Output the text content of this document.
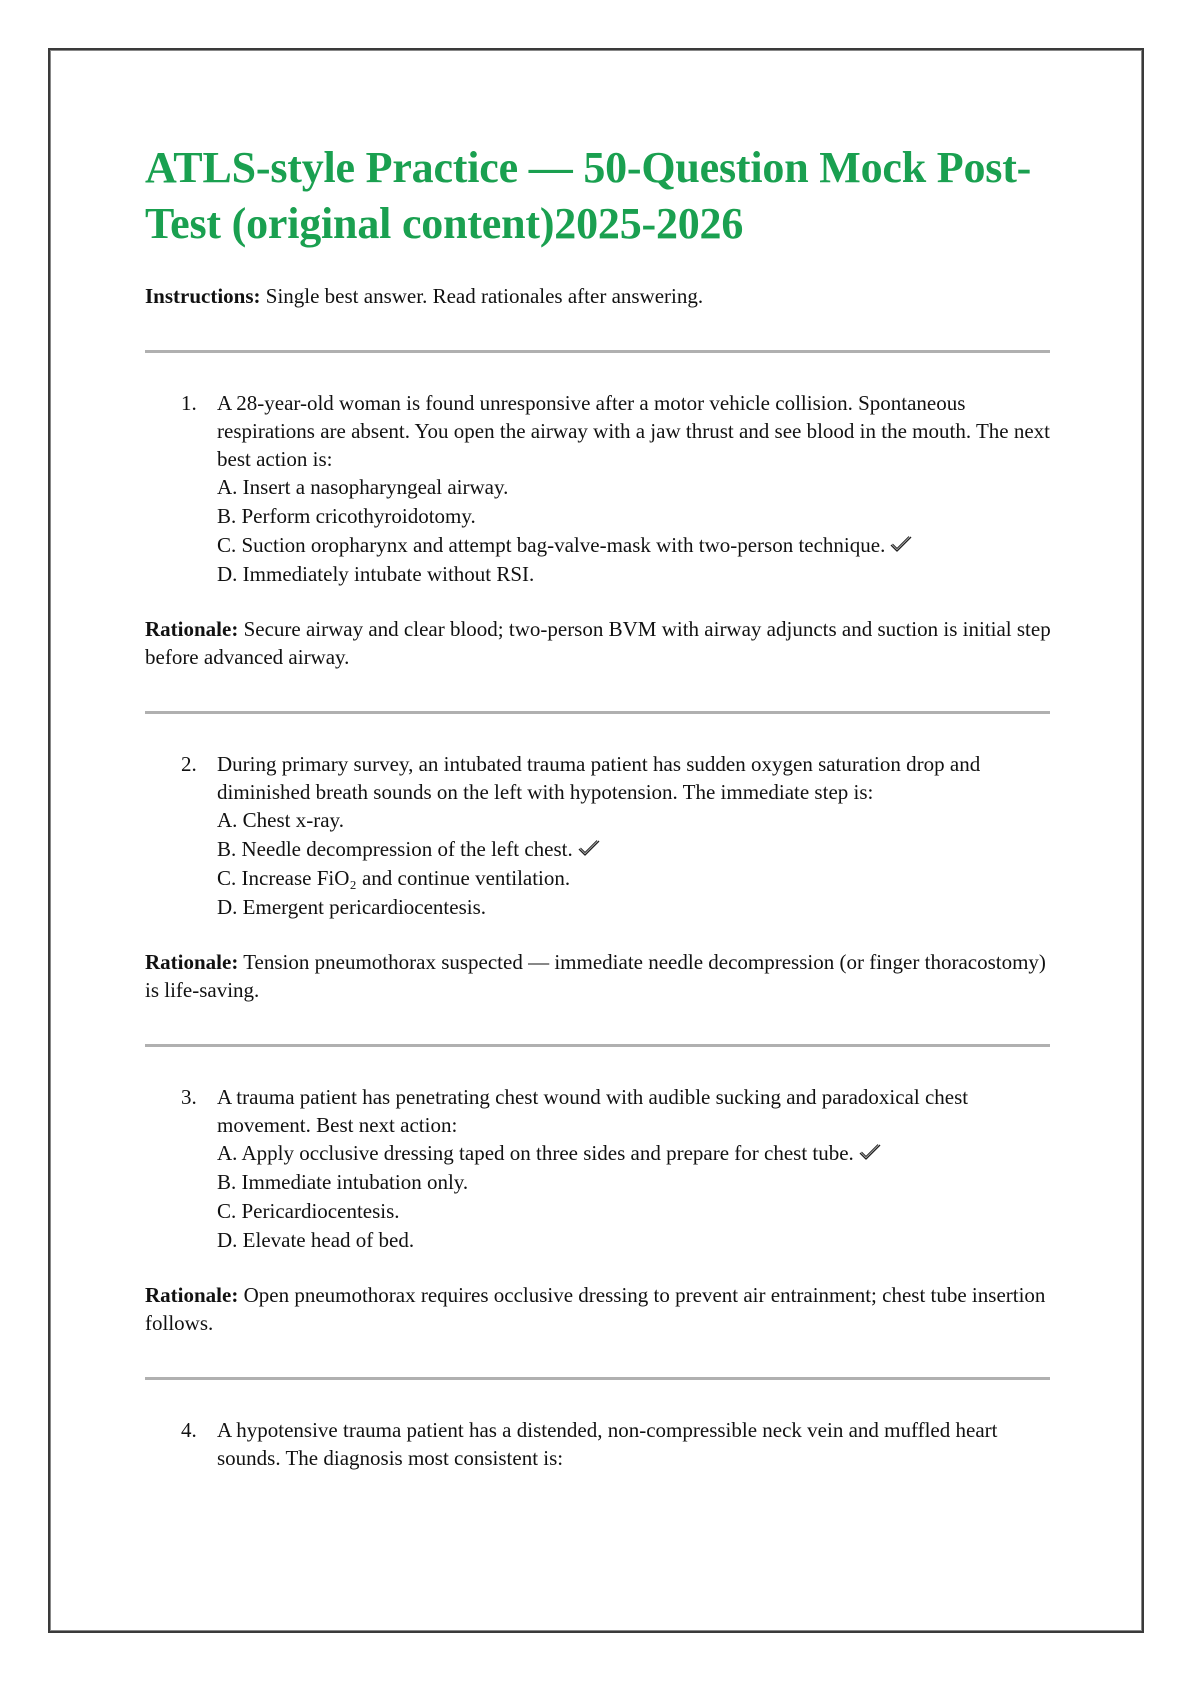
ATLS-style Practice — 50-Question Mock Post-Test (original content)2025-2026
Instructions: Single best answer. Read rationales after answering.
1. A 28-year-old woman is found unresponsive after a motor vehicle collision. Spontaneous respirations are absent. You open the airway with a jaw thrust and see blood in the mouth. The next best action is:

A. Insert a nasopharyngeal airway.
B. Perform cricothyroidotomy.
C. Suction oropharynx and attempt bag-valve-mask with two-person technique.
D. Immediately intubate without RSI.
Rationale: Secure airway and clear blood; two-person BVM with airway adjuncts and suction is initial step before advanced airway.
2. During primary survey, an intubated trauma patient has sudden oxygen saturation drop and diminished breath sounds on the left with hypotension. The immediate step is:

A. Chest x-ray.
B. Needle decompression of the left chest.
C. Increase FiO₂ and continue ventilation.
D. Emergent pericardiocentesis.
Rationale: Tension pneumothorax suspected — immediate needle decompression (or finger thoracostomy) is life-saving.
3. A trauma patient has penetrating chest wound with audible sucking and paradoxical chest movement. Best next action:

A. Apply occlusive dressing taped on three sides and prepare for chest tube.
B. Immediate intubation only.
C. Pericardiocentesis.
D. Elevate head of bed.
Rationale: Open pneumothorax requires occlusive dressing to prevent air entrainment; chest tube insertion follows.
4. A hypotensive trauma patient has a distended, non-compressible neck vein and muffled heart sounds. The diagnosis most consistent is:
